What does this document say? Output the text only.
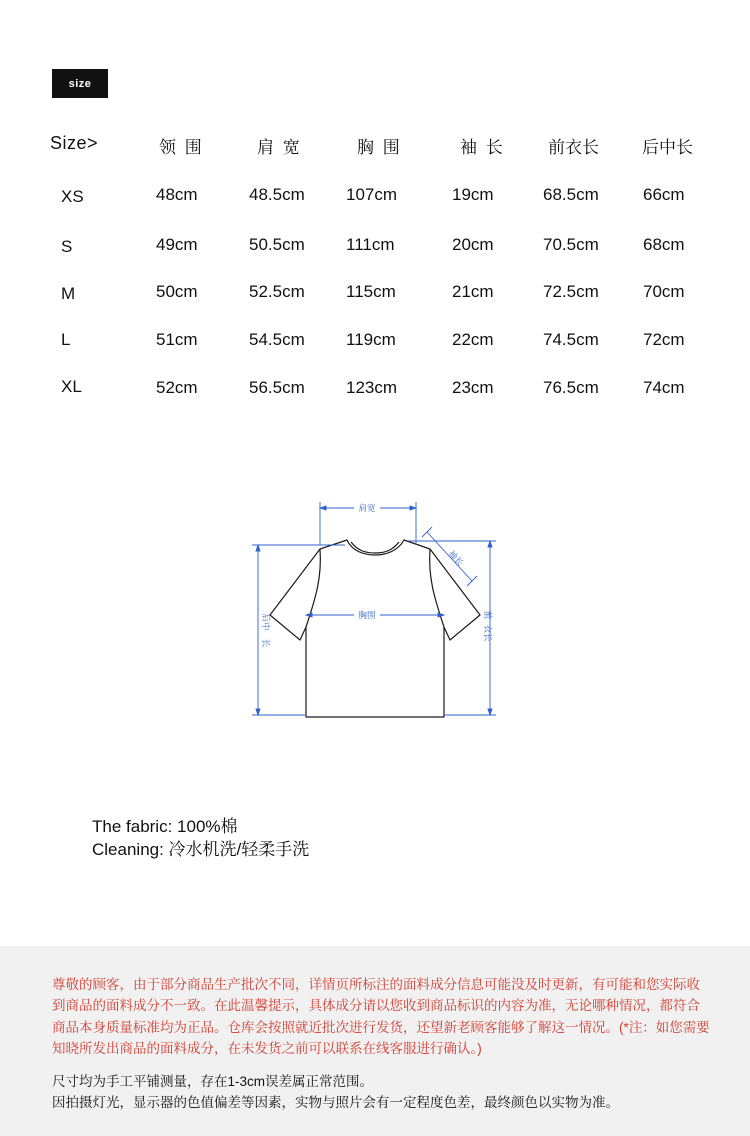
size
Size>	领 围	肩 宽	胸 围	袖 长	前衣长	后中长
XS	48cm	48.5cm 107cm	19cm	68.5cm	66cm
S	49cm	50.5cm 111cm	20cm	70.5cm	68cm
M	50cm	52.5cm 115cm	21cm	72.5cm	70cm
L	51cm	54.5cm 119cm	22cm	74.5cm	72cm
XL	52cm	56.5cm 123cm	23cm	76.5cm	74cm
肩宽
胸围
袖长
后中
长
前
衣长
The fabric: 100%棉
Cleaning: 冷水机洗/轻柔手洗
尊敬的顾客，由于部分商品生产批次不同，详情页所标注的面料成分信息可能没及时更新，有可能和您实际收到商品的面料成分不一致。在此温馨提示，具体成分请以您收到商品标识的内容为准，无论哪种情况，都符合商品本身质量标准均为正品。仓库会按照就近批次进行发货，还望新老顾客能够了解这一情况。(*注：如您需要知晓所发出商品的面料成分，在未发货之前可以联系在线客服进行确认。)
尺寸均为手工平铺测量，存在1-3cm误差属正常范围。
因拍摄灯光，显示器的色值偏差等因素，实物与照片会有一定程度色差，最终颜色以实物为准。
